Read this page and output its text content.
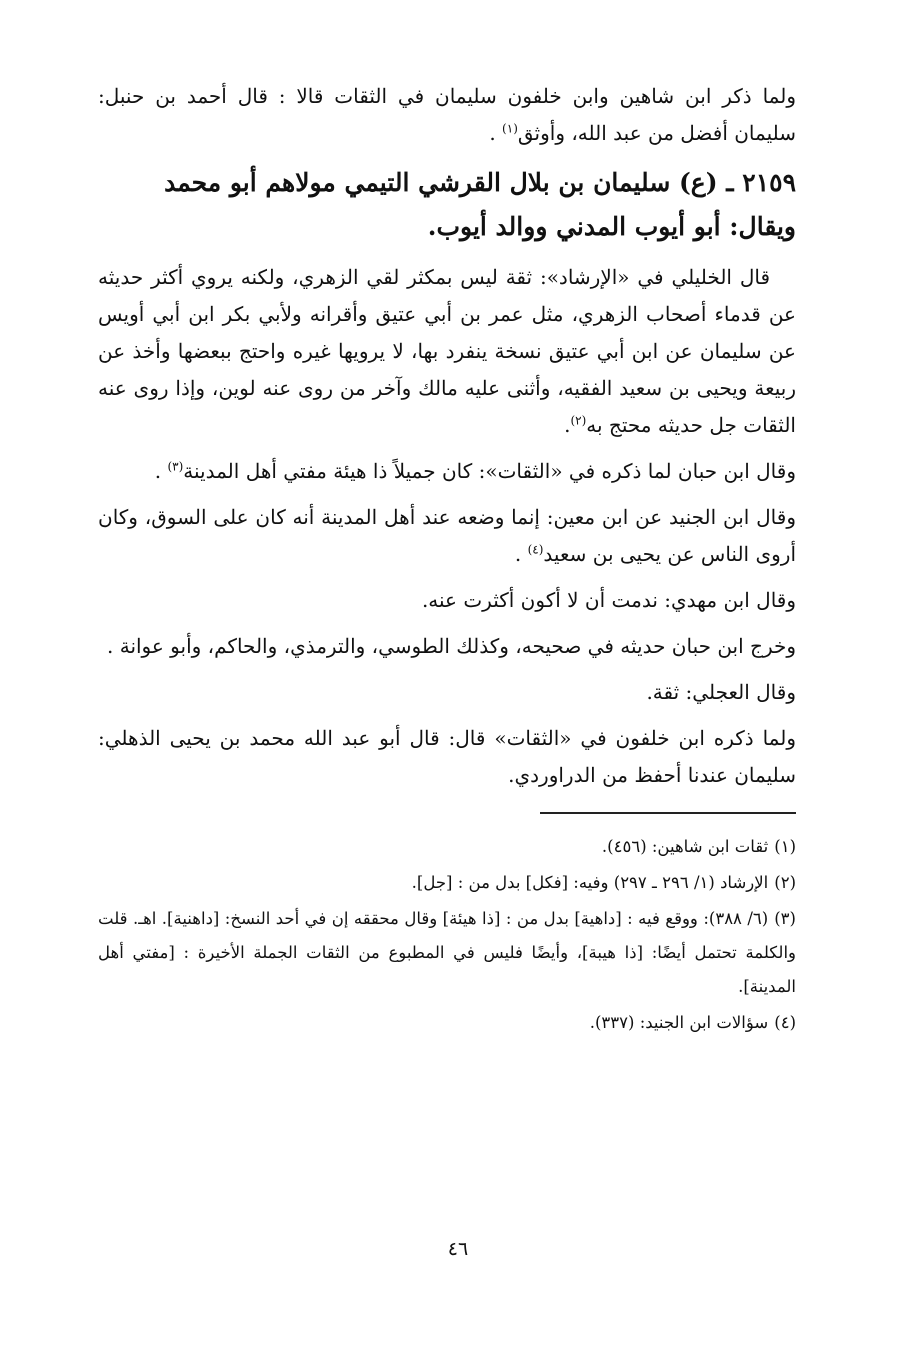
ولما ذكر ابن شاهين وابن خلفون سليمان في الثقات قالا : قال أحمد بن حنبل: سليمان أفضل من عبد الله، وأوثق$^{(١)}$ .

٢١٥٩ ـ (ع) سليمان بن بلال القرشي التيمي مولاهم أبو محمد ويقال: أبو أيوب المدني ووالد أيوب.

قال الخليلي في «الإرشاد»: ثقة ليس بمكثر لقي الزهري، ولكنه يروي أكثر حديثه عن قدماء أصحاب الزهري، مثل عمر بن أبي عتيق وأقرانه ولأبي بكر ابن أبي أويس عن سليمان عن ابن أبي عتيق نسخة ينفرد بها، لا يرويها غيره واحتج ببعضها وأخذ عن ربيعة ويحيى بن سعيد الفقيه، وأثنى عليه مالك وآخر من روى عنه لوين، وإذا روى عنه الثقات جل حديثه محتج به$^{(٢)}$.

وقال ابن حبان لما ذكره في «الثقات»: كان جميلاً ذا هيئة مفتي أهل المدينة$^{(٣)}$ .

وقال ابن الجنيد عن ابن معين: إنما وضعه عند أهل المدينة أنه كان على السوق، وكان أروى الناس عن يحيى بن سعيد$^{(٤)}$ .

وقال ابن مهدي: ندمت أن لا أكون أكثرت عنه.

وخرج ابن حبان حديثه في صحيحه، وكذلك الطوسي، والترمذي، والحاكم، وأبو عوانة .

وقال العجلي: ثقة.

ولما ذكره ابن خلفون في «الثقات» قال: قال أبو عبد الله محمد بن يحيى الذهلي: سليمان عندنا أحفظ من الدراوردي.

(١)ثقات ابن شاهين: (٤٥٦).

(٢)الإرشاد (١/ ٢٩٦ ـ ٢٩٧) وفيه: [فكل] بدل من : [جل].

(٣)(٦/ ٣٨٨): ووقع فيه : [داهية] بدل من : [ذا هيئة] وقال محققه إن في أحد النسخ: [داهنية]. اهـ. قلت والكلمة تحتمل أيضًا: [ذا هيبة]، وأيضًا فليس في المطبوع من الثقات الجملة الأخيرة : [مفتي أهل المدينة].

(٤)سؤالات ابن الجنيد: (٣٣٧).

٤٦
